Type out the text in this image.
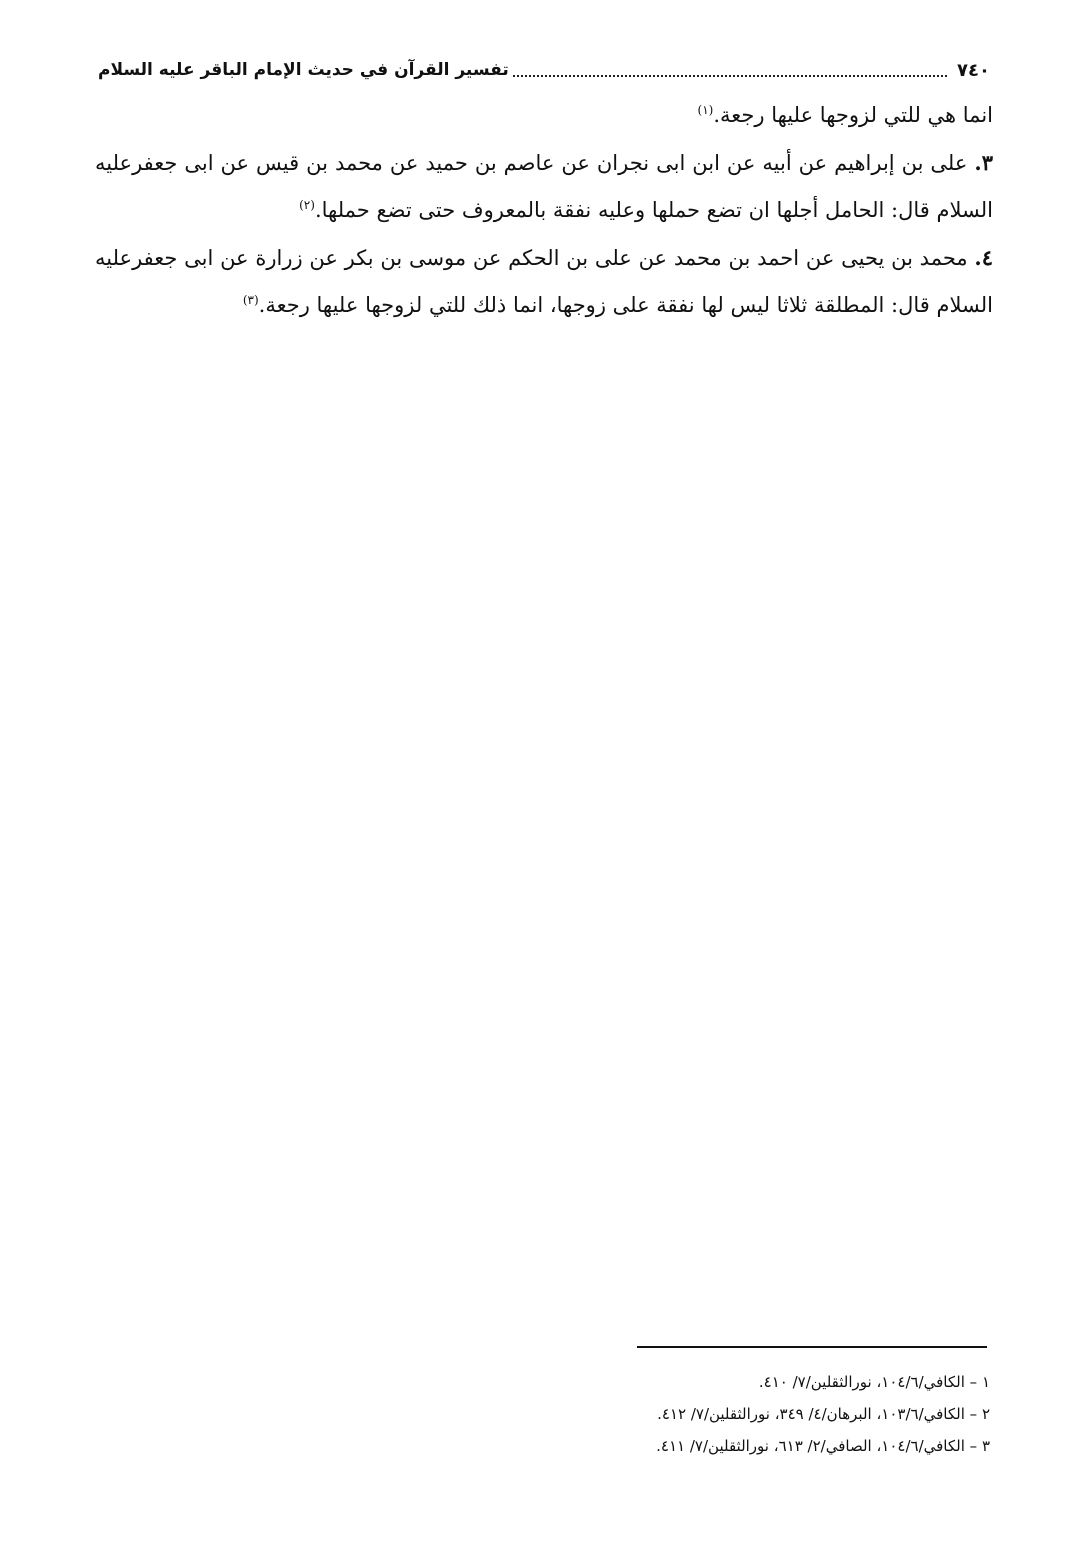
٧٤٠
تفسير القرآن في حديث الإمام الباقر عليه السلام

انما هي للتي لزوجها عليها رجعة.$^{(١)}$

٣. على بن إبراهيم عن أبيه عن ابن ابى نجران عن عاصم بن حميد عن محمد بن قيس عن ابى جعفرعليه السلام قال: الحامل أجلها ان تضع حملها وعليه نفقة بالمعروف حتى تضع حملها.$^{(٢)}$

٤. محمد بن يحيى عن احمد بن محمد عن على بن الحكم عن موسى بن بكر عن زرارة عن ابى جعفرعليه السلام قال: المطلقة ثلاثا ليس لها نفقة على زوجها، انما ذلك للتي لزوجها عليها رجعة.$^{(٣)}$

١ – الكافي/١٠٤/٦، نورالثقلين/٧/ ٤١٠.

٢ – الكافي/١٠٣/٦، البرهان/٤/ ٣٤٩، نورالثقلين/٧/ ٤١٢.

٣ – الكافي/١٠٤/٦، الصافي/٢/ ٦١٣، نورالثقلين/٧/ ٤١١.
